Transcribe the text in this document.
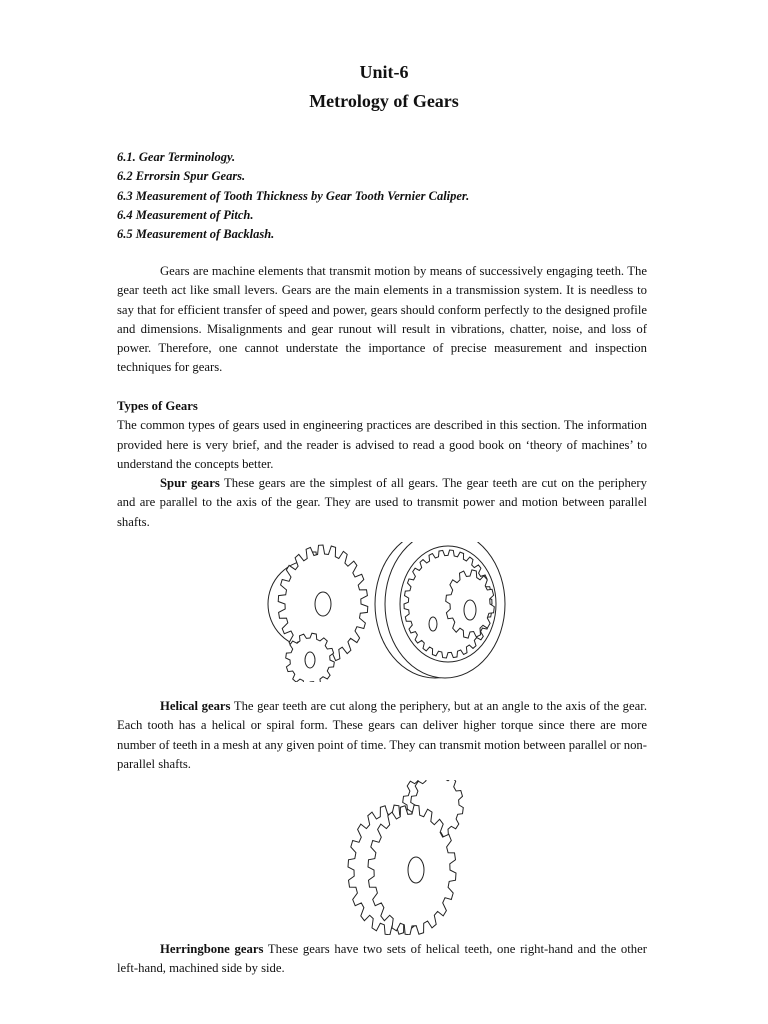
Unit-6
Metrology of Gears
6.1. Gear Terminology.
6.2 Errorsin Spur Gears.
6.3 Measurement of Tooth Thickness by Gear Tooth Vernier Caliper.
6.4 Measurement of Pitch.
6.5 Measurement of Backlash.
Gears are machine elements that transmit motion by means of successively engaging teeth. The gear teeth act like small levers. Gears are the main elements in a transmission system. It is needless to say that for efficient transfer of speed and power, gears should conform perfectly to the designed profile and dimensions. Misalignments and gear runout will result in vibrations, chatter, noise, and loss of power. Therefore, one cannot understate the importance of precise measurement and inspection techniques for gears.
Types of Gears
The common types of gears used in engineering practices are described in this section. The information provided here is very brief, and the reader is advised to read a good book on ‘theory of machines’ to understand the concepts better.
Spur gears These gears are the simplest of all gears. The gear teeth are cut on the periphery and are parallel to the axis of the gear. They are used to transmit power and motion between parallel shafts.
Helical gears The gear teeth are cut along the periphery, but at an angle to the axis of the gear. Each tooth has a helical or spiral form. These gears can deliver higher torque since there are more number of teeth in a mesh at any given point of time. They can transmit motion between parallel or non-parallel shafts.
Herringbone gears These gears have two sets of helical teeth, one right-hand and the other left-hand, machined side by side.
